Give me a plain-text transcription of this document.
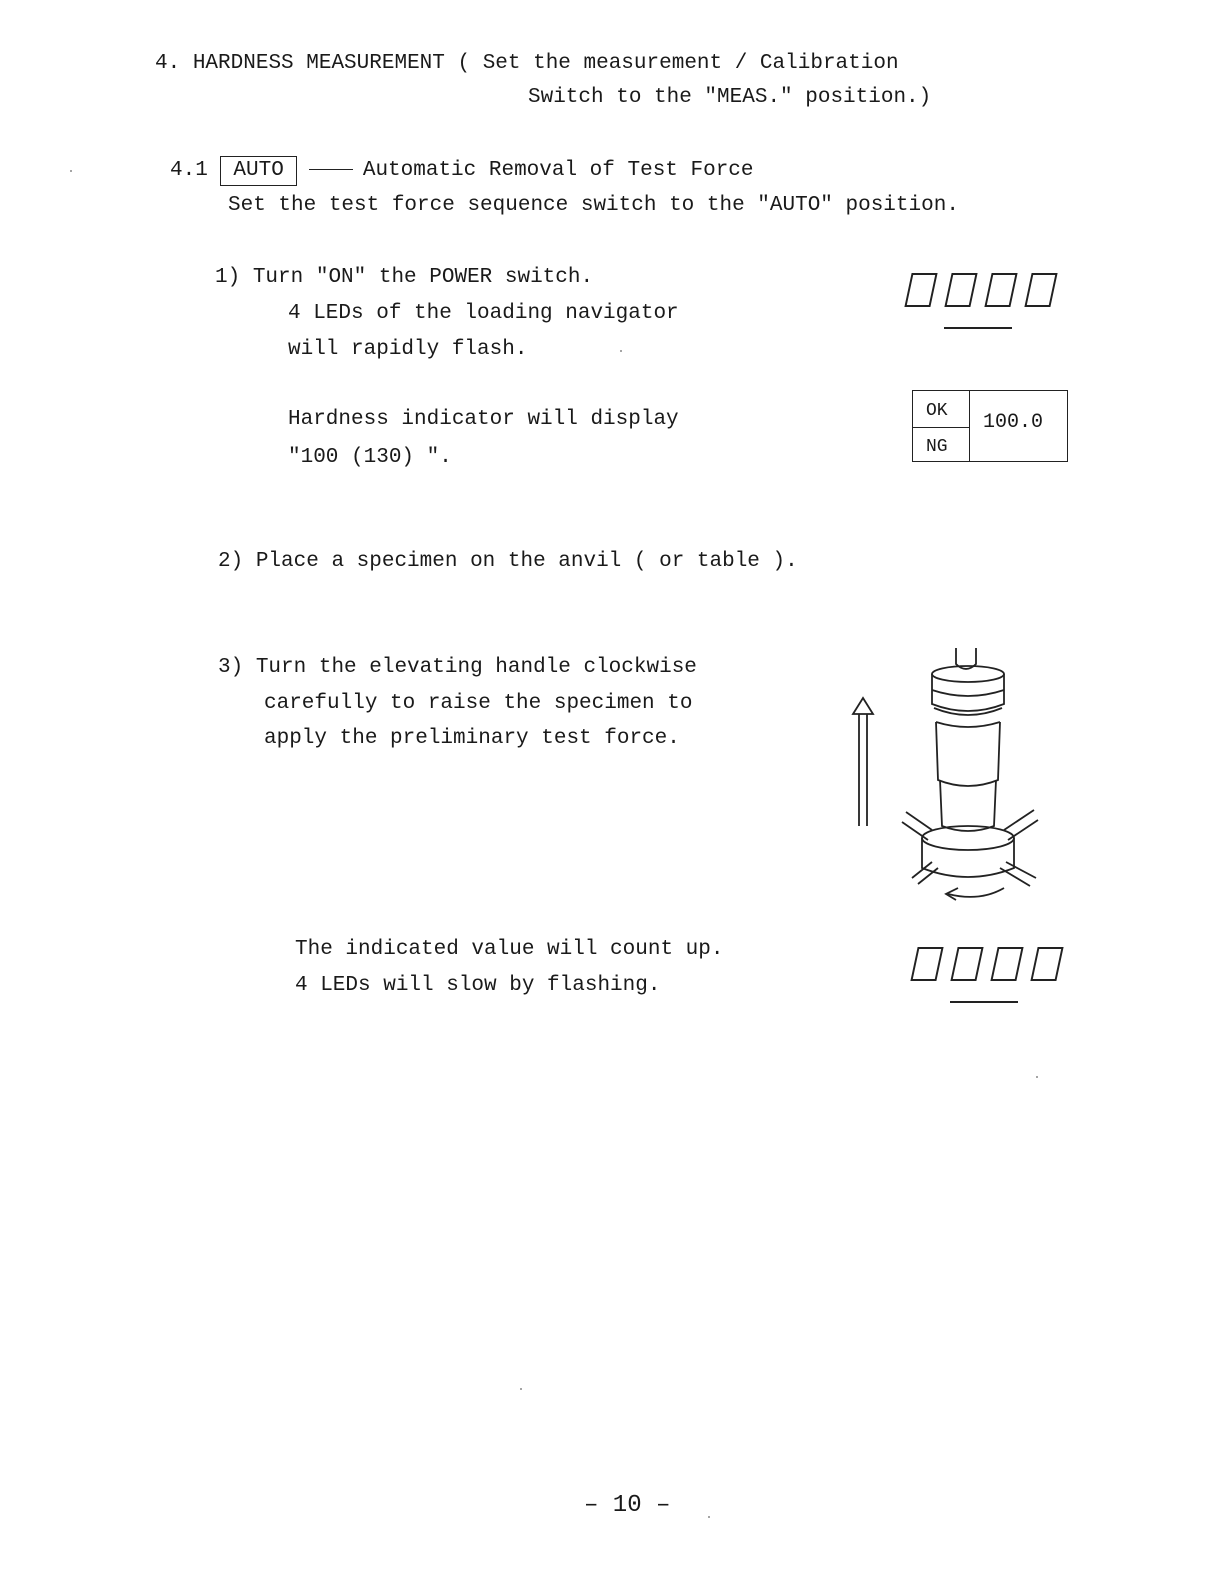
4. HARDNESS MEASUREMENT ( Set the measurement / Calibration
Switch to the "MEAS." position.)
4.1 AUTO	Automatic Removal of Test Force
Set the test force sequence switch to the "AUTO" position.
1) Turn "ON" the POWER switch.
4 LEDs of the loading navigator
will rapidly flash.
Hardness indicator will display
"100 (130) ".
OK
NG
100.0
2) Place a specimen on the anvil ( or table ).
3) Turn the elevating handle clockwise
carefully to raise the specimen to
apply the preliminary test force.
The indicated value will count up.
4 LEDs will slow by flashing.
– 10 –
